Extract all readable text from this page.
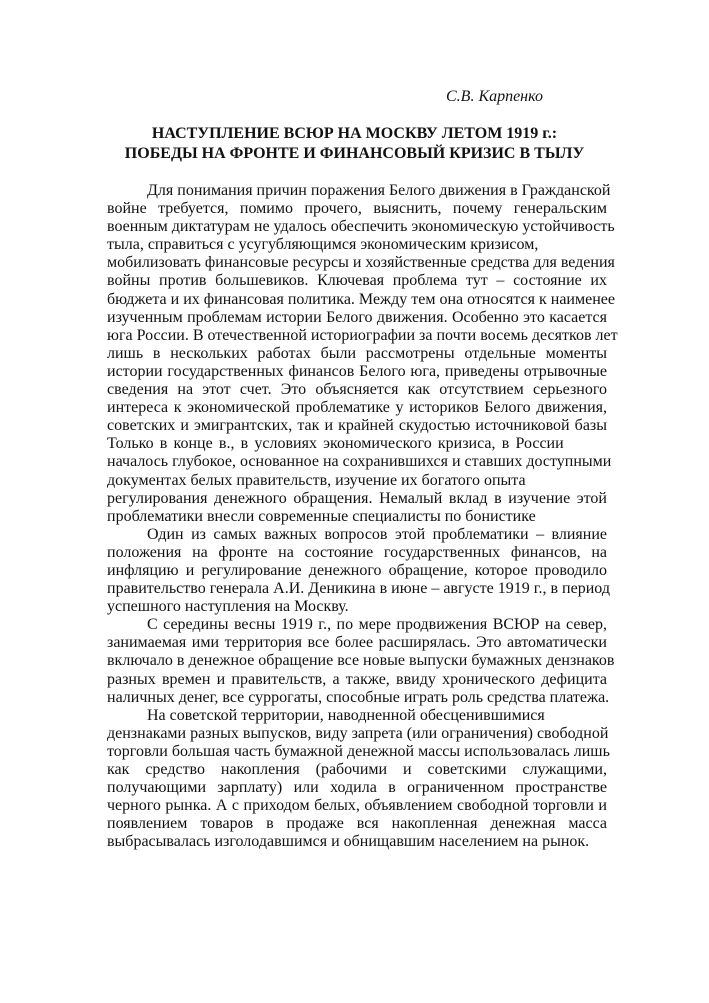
С.В. Карпенко
НАСТУПЛЕНИЕ ВСЮР НА МОСКВУ ЛЕТОМ 1919 г.:
ПОБЕДЫ НА ФРОНТЕ И ФИНАНСОВЫЙ КРИЗИС В ТЫЛУ
Для понимания причин поражения Белого движения в Гражданской
войне требуется, помимо прочего, выяснить, почему генеральским
военным диктатурам не удалось обеспечить экономическую устойчивость
тыла, справиться с усугубляющимся экономическим кризисом,
мобилизовать финансовые ресурсы и хозяйственные средства для ведения
войны против большевиков. Ключевая проблема тут – состояние их
бюджета и их финансовая политика. Между тем она относятся к наименее
изученным проблемам истории Белого движения. Особенно это касается
юга России. В отечественной историографии за почти восемь десятков лет
лишь в нескольких работах были рассмотрены отдельные моменты
истории государственных финансов Белого юга, приведены отрывочные
сведения на этот счет. Это объясняется как отсутствием серьезного
интереса к экономической проблематике у историков Белого движения,
советских и эмигрантских, так и крайней скудостью источниковой базы
Только в конце в., в условиях экономического кризиса, в России
началось глубокое, основанное на сохранившихся и ставших доступными
документах белых правительств, изучение их богатого опыта
регулирования денежного обращения. Немалый вклад в изучение этой
проблематики внесли современные специалисты по бонистике
Один из самых важных вопросов этой проблематики – влияние
положения на фронте на состояние государственных финансов, на
инфляцию и регулирование денежного обращение, которое проводило
правительство генерала А.И. Деникина в июне – августе 1919 г., в период
успешного наступления на Москву.
С середины весны 1919 г., по мере продвижения ВСЮР на север,
занимаемая ими территория все более расширялась. Это автоматически
включало в денежное обращение все новые выпуски бумажных дензнаков
разных времен и правительств, а также, ввиду хронического дефицита
наличных денег, все суррогаты, способные играть роль средства платежа.
На советской территории, наводненной обесценившимися
дензнаками разных выпусков, виду запрета (или ограничения) свободной
торговли большая часть бумажной денежной массы использовалась лишь
как средство накопления (рабочими и советскими служащими,
получающими зарплату) или ходила в ограниченном пространстве
черного рынка. А с приходом белых, объявлением свободной торговли и
появлением товаров в продаже вся накопленная денежная масса
выбрасывалась изголодавшимся и обнищавшим населением на рынок.
